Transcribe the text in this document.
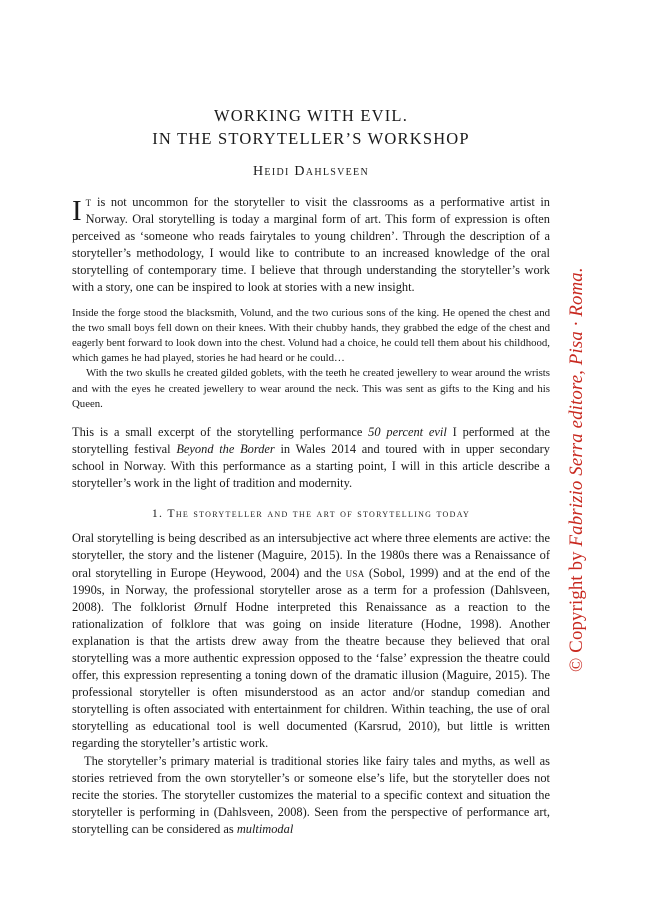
WORKING WITH EVIL.
IN THE STORYTELLER’S WORKSHOP
Heidi Dahlsveen

It is not uncommon for the storyteller to visit the classrooms as a performative artist in Norway. Oral storytelling is today a marginal form of art. This form of expression is often perceived as ‘someone who reads fairytales to young children’. Through the description of a storyteller’s methodology, I would like to contribute to an increased knowledge of the oral storytelling of contemporary time. I believe that through understanding the storyteller’s work with a story, one can be inspired to look at stories with a new insight.

Inside the forge stood the blacksmith, Volund, and the two curious sons of the king. He opened the chest and the two small boys fell down on their knees. With their chubby hands, they grabbed the edge of the chest and eagerly bent forward to look down into the chest. Volund had a choice, he could tell them about his childhood, which games he had played, stories he had heard or he could…

With the two skulls he created gilded goblets, with the teeth he created jewellery to wear around the wrists and with the eyes he created jewellery to wear around the neck. This was sent as gifts to the King and his Queen.

This is a small excerpt of the storytelling performance 50 percent evil I performed at the storytelling festival Beyond the Border in Wales 2014 and toured with in upper secondary school in Norway. With this performance as a starting point, I will in this article describe a storyteller’s work in the light of tradition and modernity.

1. The storyteller and the art of storytelling today

Oral storytelling is being described as an intersubjective act where three elements are active: the storyteller, the story and the listener (Maguire, 2015). In the 1980s there was a Renaissance of oral storytelling in Europe (Heywood, 2004) and the usa (Sobol, 1999) and at the end of the 1990s, in Norway, the professional storyteller arose as a term for a profession (Dahlsveen, 2008). The folklorist Ørnulf Hodne interpreted this Renaissance as a reaction to the rationalization of folklore that was going on inside literature (Hodne, 1998). Another explanation is that the artists drew away from the theatre because they believed that oral storytelling was a more authentic expression opposed to the ‘false’ expression the theatre could offer, this expression representing a toning down of the dramatic illusion (Maguire, 2015). The professional storyteller is often misunderstood as an actor and/or standup comedian and storytelling is often associated with entertainment for children. Within teaching, the use of oral storytelling as educational tool is well documented (Karsrud, 2010), but little is written regarding the storyteller’s artistic work.

The storyteller’s primary material is traditional stories like fairy tales and myths, as well as stories retrieved from the own storyteller’s or someone else’s life, but the storyteller does not recite the stories. The storyteller customizes the material to a specific context and situation the storyteller is performing in (Dahlsveen, 2008). Seen from the perspective of performance art, storytelling can be considered as multimodal

© Copyright by Fabrizio Serra editore, Pisa · Roma.
